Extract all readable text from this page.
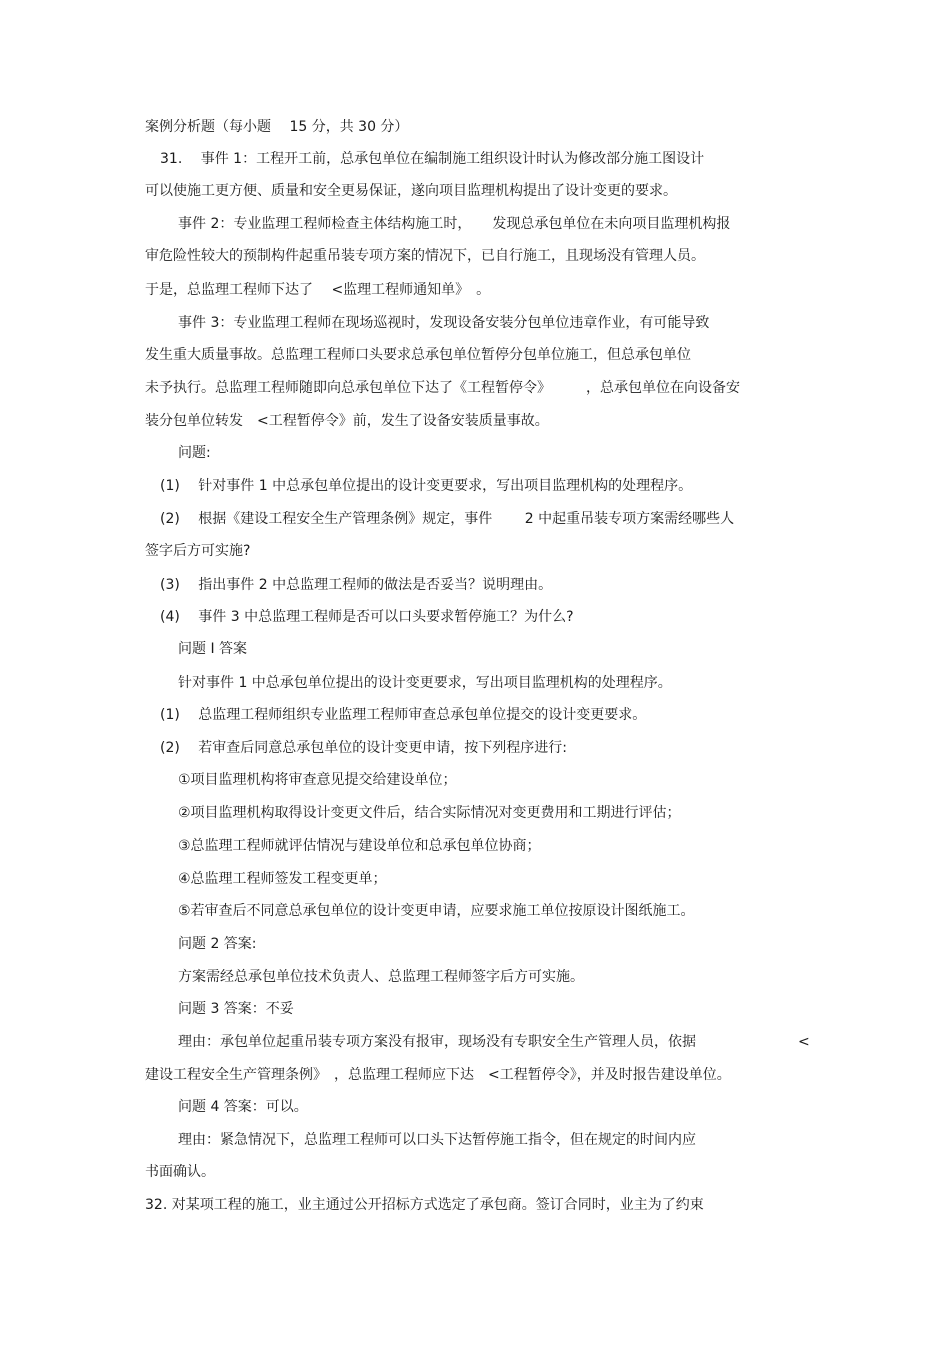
案例分析题（每小题　 15 分，共 30 分）
31.　 事件 1：工程开工前，总承包单位在编制施工组织设计时认为修改部分施工图设计
可以使施工更方便、质量和安全更易保证，遂向项目监理机构提出了设计变更的要求。
事件 2：专业监理工程师检查主体结构施工时，　　发现总承包单位在未向项目监理机构报
审危险性较大的预制构件起重吊装专项方案的情况下，已自行施工，且现场没有管理人员。
于是，总监理工程师下达了　 <监理工程师通知单》　。
事件 3：专业监理工程师在现场巡视时，发现设备安装分包单位违章作业，有可能导致
发生重大质量事故。总监理工程师口头要求总承包单位暂停分包单位施工，但总承包单位
未予执行。总监理工程师随即向总承包单位下达了《工程暂停令》　　　，总承包单位在向设备安
装分包单位转发　<工程暂停令》前，发生了设备安装质量事故。
问题:
(1)　 针对事件 1 中总承包单位提出的设计变更要求，写出项目监理机构的处理程序。
(2)　 根据《建设工程安全生产管理条例》规定，事件　　 2 中起重吊装专项方案需经哪些人
签字后方可实施?
(3)　 指出事件 2 中总监理工程师的做法是否妥当？说明理由。
(4)　 事件 3 中总监理工程师是否可以口头要求暂停施工？为什么?
问题 I 答案
针对事件 1 中总承包单位提出的设计变更要求，写出项目监理机构的处理程序。
(1)　 总监理工程师组织专业监理工程师审查总承包单位提交的设计变更要求。
(2)　 若审查后同意总承包单位的设计变更申请，按下列程序进行:
①项目监理机构将审查意见提交给建设单位；
②项目监理机构取得设计变更文件后，结合实际情况对变更费用和工期进行评估；
③总监理工程师就评估情况与建设单位和总承包单位协商；
④总监理工程师签发工程变更单；
⑤若审查后不同意总承包单位的设计变更申请，应要求施工单位按原设计图纸施工。
问题 2 答案:
方案需经总承包单位技术负责人、总监理工程师签字后方可实施。
问题 3 答案：不妥
理由：承包单位起重吊装专项方案没有报审，现场没有专职安全生产管理人员，依据	<
建设工程安全生产管理条例》　，总监理工程师应下达　<工程暂停令》，并及时报告建设单位。
问题 4 答案：可以。
理由：紧急情况下，总监理工程师可以口头下达暂停施工指令，但在规定的时间内应
书面确认。
32. 对某项工程的施工，业主通过公开招标方式选定了承包商。签订合同时，业主为了约束
